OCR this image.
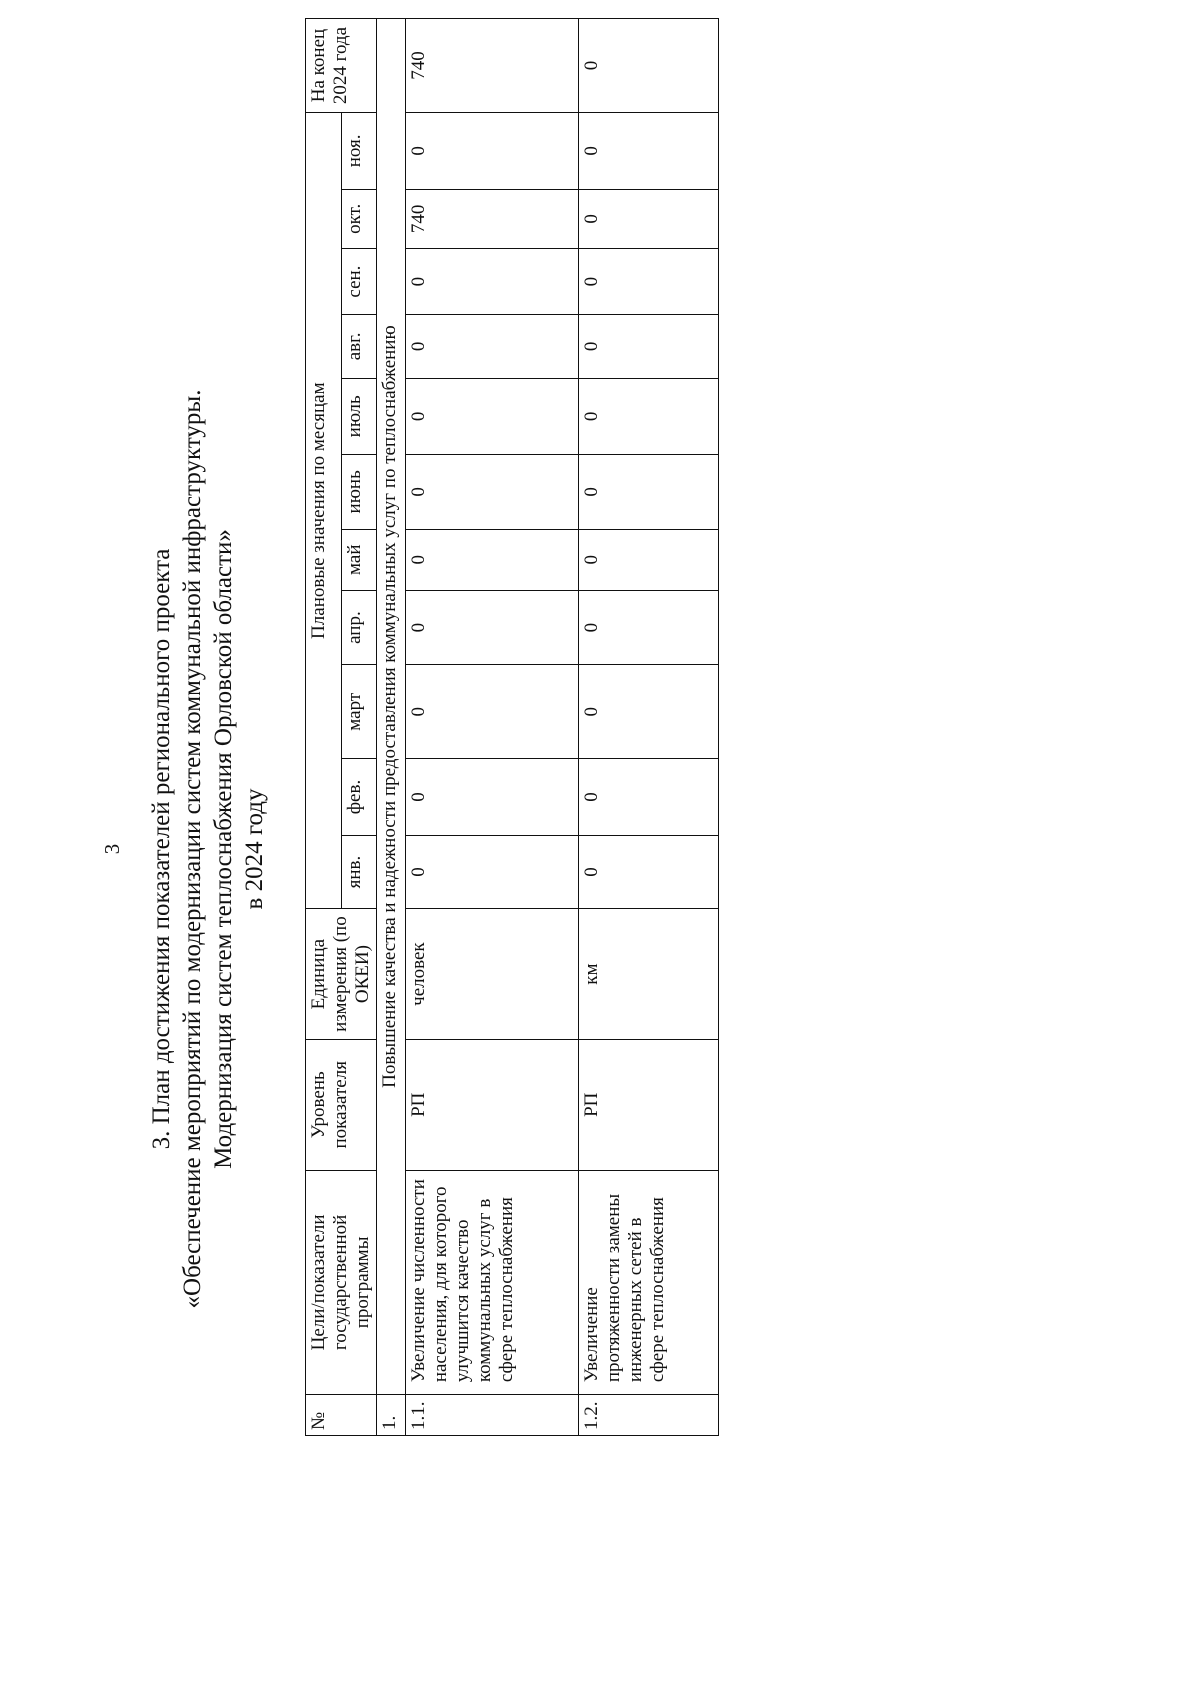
3 3. План достижения показателей регионального проекта «Обеспечение мероприятий по модернизации систем коммунальной инфраструктуры. Модернизация систем теплоснабжения Орловской области» в 2024 году
№	Цели/показатели государственной программы	Уровень показателя	Единица измерения (по ОКЕИ)	Плановые значения по месяцам											На конец 2024 года
				янв.	фев.	март	апр.	май	июнь	июль	авг.	сен.	окт.	ноя.	
1.	Повышение качества и надежности предоставления коммунальных услуг по теплоснабжению														
1.1.	Увеличение численности населения, для которого улучшится качество коммунальных услуг в сфере теплоснабжения	РП	человек	0	0	0	0	0	0	0	0	0	740	0	740
1.2.	Увеличение протяженности замены инженерных сетей в сфере теплоснабжения	РП	км	0	0	0	0	0	0	0	0	0	0	0	0
